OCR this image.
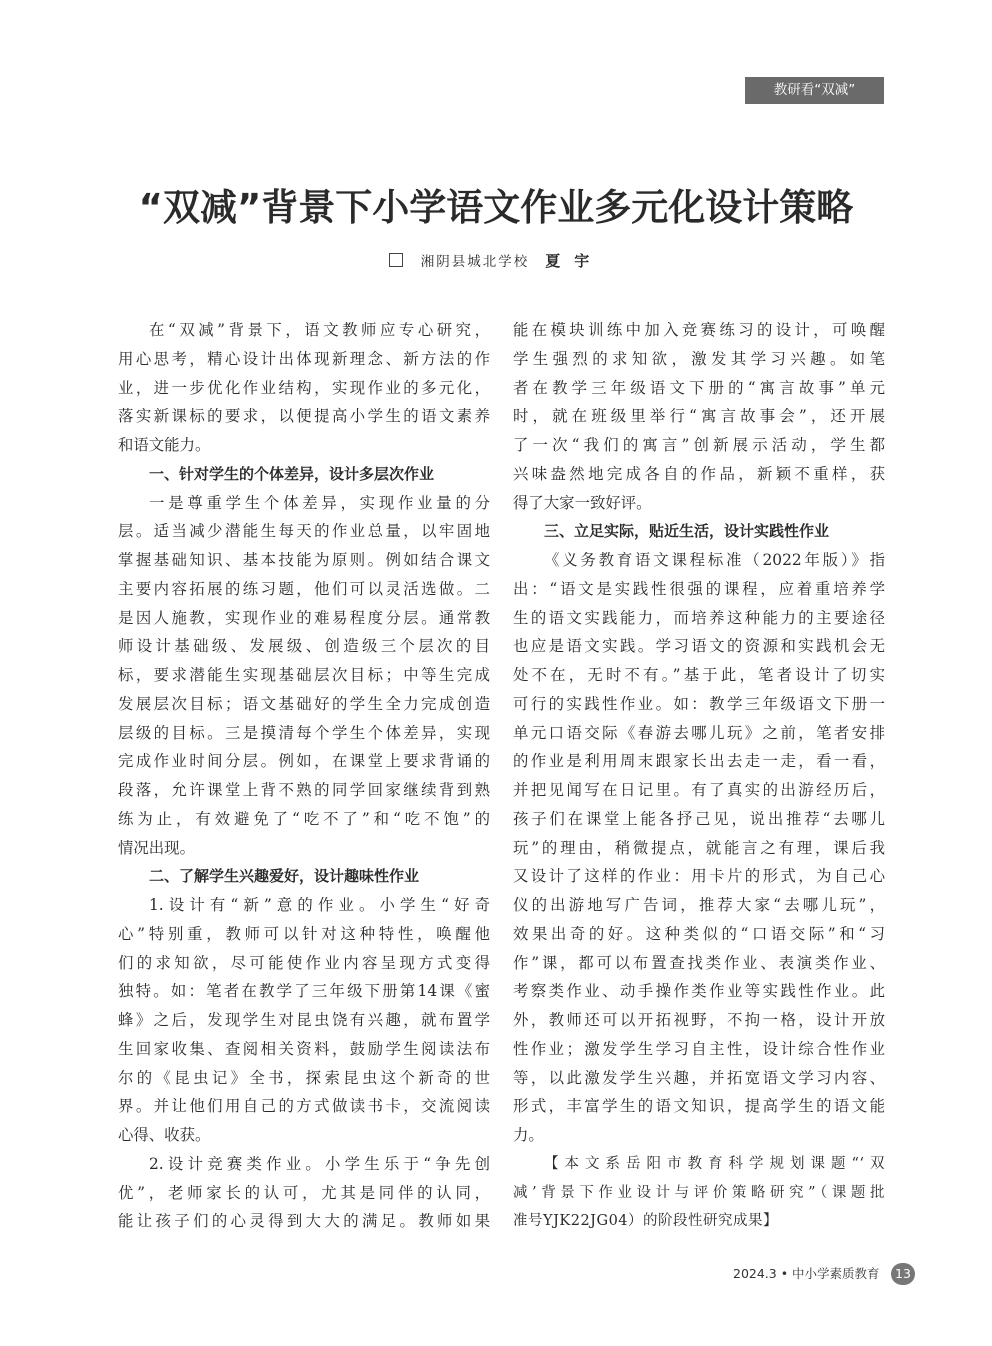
教研看“双减”
“双减”背景下小学语文作业多元化设计策略
湘阴县城北学校 夏宇
在“双减”背景下，语文教师应专心研究，
用心思考，精心设计出体现新理念、新方法的作
业，进一步优化作业结构，实现作业的多元化，
落实新课标的要求，以便提高小学生的语文素养
和语文能力。
一、针对学生的个体差异，设计多层次作业
一是尊重学生个体差异，实现作业量的分
层。适当减少潜能生每天的作业总量，以牢固地
掌握基础知识、基本技能为原则。例如结合课文
主要内容拓展的练习题，他们可以灵活选做。二
是因人施教，实现作业的难易程度分层。通常教
师设计基础级、发展级、创造级三个层次的目
标，要求潜能生实现基础层次目标；中等生完成
发展层次目标；语文基础好的学生全力完成创造
层级的目标。三是摸清每个学生个体差异，实现
完成作业时间分层。例如，在课堂上要求背诵的
段落，允许课堂上背不熟的同学回家继续背到熟
练为止，有效避免了“吃不了”和“吃不饱”的
情况出现。
二、了解学生兴趣爱好，设计趣味性作业
1.设计有“新”意的作业。小学生“好奇
心”特别重，教师可以针对这种特性，唤醒他
们的求知欲，尽可能使作业内容呈现方式变得
独特。如：笔者在教学了三年级下册第14课《蜜
蜂》之后，发现学生对昆虫饶有兴趣，就布置学
生回家收集、查阅相关资料，鼓励学生阅读法布
尔的《昆虫记》全书，探索昆虫这个新奇的世
界。并让他们用自己的方式做读书卡，交流阅读
心得、收获。
2.设计竞赛类作业。小学生乐于“争先创
优”，老师家长的认可，尤其是同伴的认同，
能让孩子们的心灵得到大大的满足。教师如果
能在模块训练中加入竞赛练习的设计，可唤醒
学生强烈的求知欲，激发其学习兴趣。如笔
者在教学三年级语文下册的“寓言故事”单元
时，就在班级里举行“寓言故事会”，还开展
了一次“我们的寓言”创新展示活动，学生都
兴味盎然地完成各自的作品，新颖不重样，获
得了大家一致好评。
三、立足实际，贴近生活，设计实践性作业
《义务教育语文课程标准（2022年版）》指
出：“语文是实践性很强的课程，应着重培养学
生的语文实践能力，而培养这种能力的主要途径
也应是语文实践。学习语文的资源和实践机会无
处不在，无时不有。”基于此，笔者设计了切实
可行的实践性作业。如：教学三年级语文下册一
单元口语交际《春游去哪儿玩》之前，笔者安排
的作业是利用周末跟家长出去走一走，看一看，
并把见闻写在日记里。有了真实的出游经历后，
孩子们在课堂上能各抒己见，说出推荐“去哪儿
玩”的理由，稍微提点，就能言之有理，课后我
又设计了这样的作业：用卡片的形式，为自己心
仪的出游地写广告词，推荐大家“去哪儿玩”，
效果出奇的好。这种类似的“口语交际”和“习
作”课，都可以布置查找类作业、表演类作业、
考察类作业、动手操作类作业等实践性作业。此
外，教师还可以开拓视野，不拘一格，设计开放
性作业；激发学生学习自主性，设计综合性作业
等，以此激发学生兴趣，并拓宽语文学习内容、
形式，丰富学生的语文知识，提高学生的语文能
力。
【本文系岳阳市教育科学规划课题“‘双
减’背景下作业设计与评价策略研究”（课题批
准号YJK22JG04）的阶段性研究成果】
2024.3 • 中小学素质教育	13
